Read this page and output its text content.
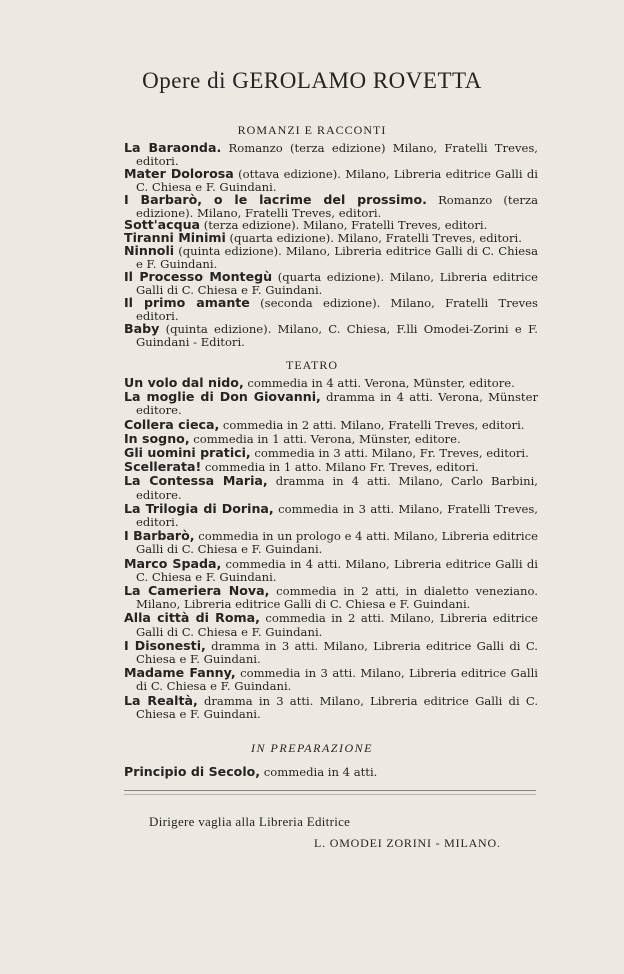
Opere di GEROLAMO ROVETTA
ROMANZI E RACCONTI
La Baraonda. Romanzo (terza edizione) Milano, Fratelli Treves, editori.
Mater Dolorosa (ottava edizione). Milano, Libreria editrice Galli di C. Chiesa e F. Guindani.
I Barbarò, o le lacrime del prossimo. Romanzo (terza edizione). Milano, Fratelli Treves, editori.
Sott'acqua (terza edizione). Milano, Fratelli Treves, editori.
Tiranni Minimi (quarta edizione). Milano, Fratelli Treves, editori.
Ninnoli (quinta edizione). Milano, Libreria editrice Galli di C. Chiesa e F. Guindani.
Il Processo Montegù (quarta edizione). Milano, Libreria editrice Galli di C. Chiesa e F. Guindani.
Il primo amante (seconda edizione). Milano, Fratelli Treves editori.
Baby (quinta edizione). Milano, C. Chiesa, F.lli Omodei-Zorini e F. Guindani - Editori.
TEATRO
Un volo dal nido, commedia in 4 atti. Verona, Münster, editore.
La moglie di Don Giovanni, dramma in 4 atti. Verona, Münster editore.
Collera cieca, commedia in 2 atti. Milano, Fratelli Treves, editori.
In sogno, commedia in 1 atti. Verona, Münster, editore.
Gli uomini pratici, commedia in 3 atti. Milano, Fr. Treves, editori.
Scellerata! commedia in 1 atto. Milano Fr. Treves, editori.
La Contessa Maria, dramma in 4 atti. Milano, Carlo Barbini, editore.
La Trilogia di Dorina, commedia in 3 atti. Milano, Fratelli Treves, editori.
I Barbarò, commedia in un prologo e 4 atti. Milano, Libreria editrice Galli di C. Chiesa e F. Guindani.
Marco Spada, commedia in 4 atti. Milano, Libreria editrice Galli di C. Chiesa e F. Guindani.
La Cameriera Nova, commedia in 2 atti, in dialetto veneziano. Milano, Libreria editrice Galli di C. Chiesa e F. Guindani.
Alla città di Roma, commedia in 2 atti. Milano, Libreria editrice Galli di C. Chiesa e F. Guindani.
I Disonesti, dramma in 3 atti. Milano, Libreria editrice Galli di C. Chiesa e F. Guindani.
Madame Fanny, commedia in 3 atti. Milano, Libreria editrice Galli di C. Chiesa e F. Guindani.
La Realtà, dramma in 3 atti. Milano, Libreria editrice Galli di C. Chiesa e F. Guindani.
IN PREPARAZIONE
Principio di Secolo, commedia in 4 atti.
Dirigere vaglia alla Libreria Editrice
L. OMODEI ZORINI - MILANO.
